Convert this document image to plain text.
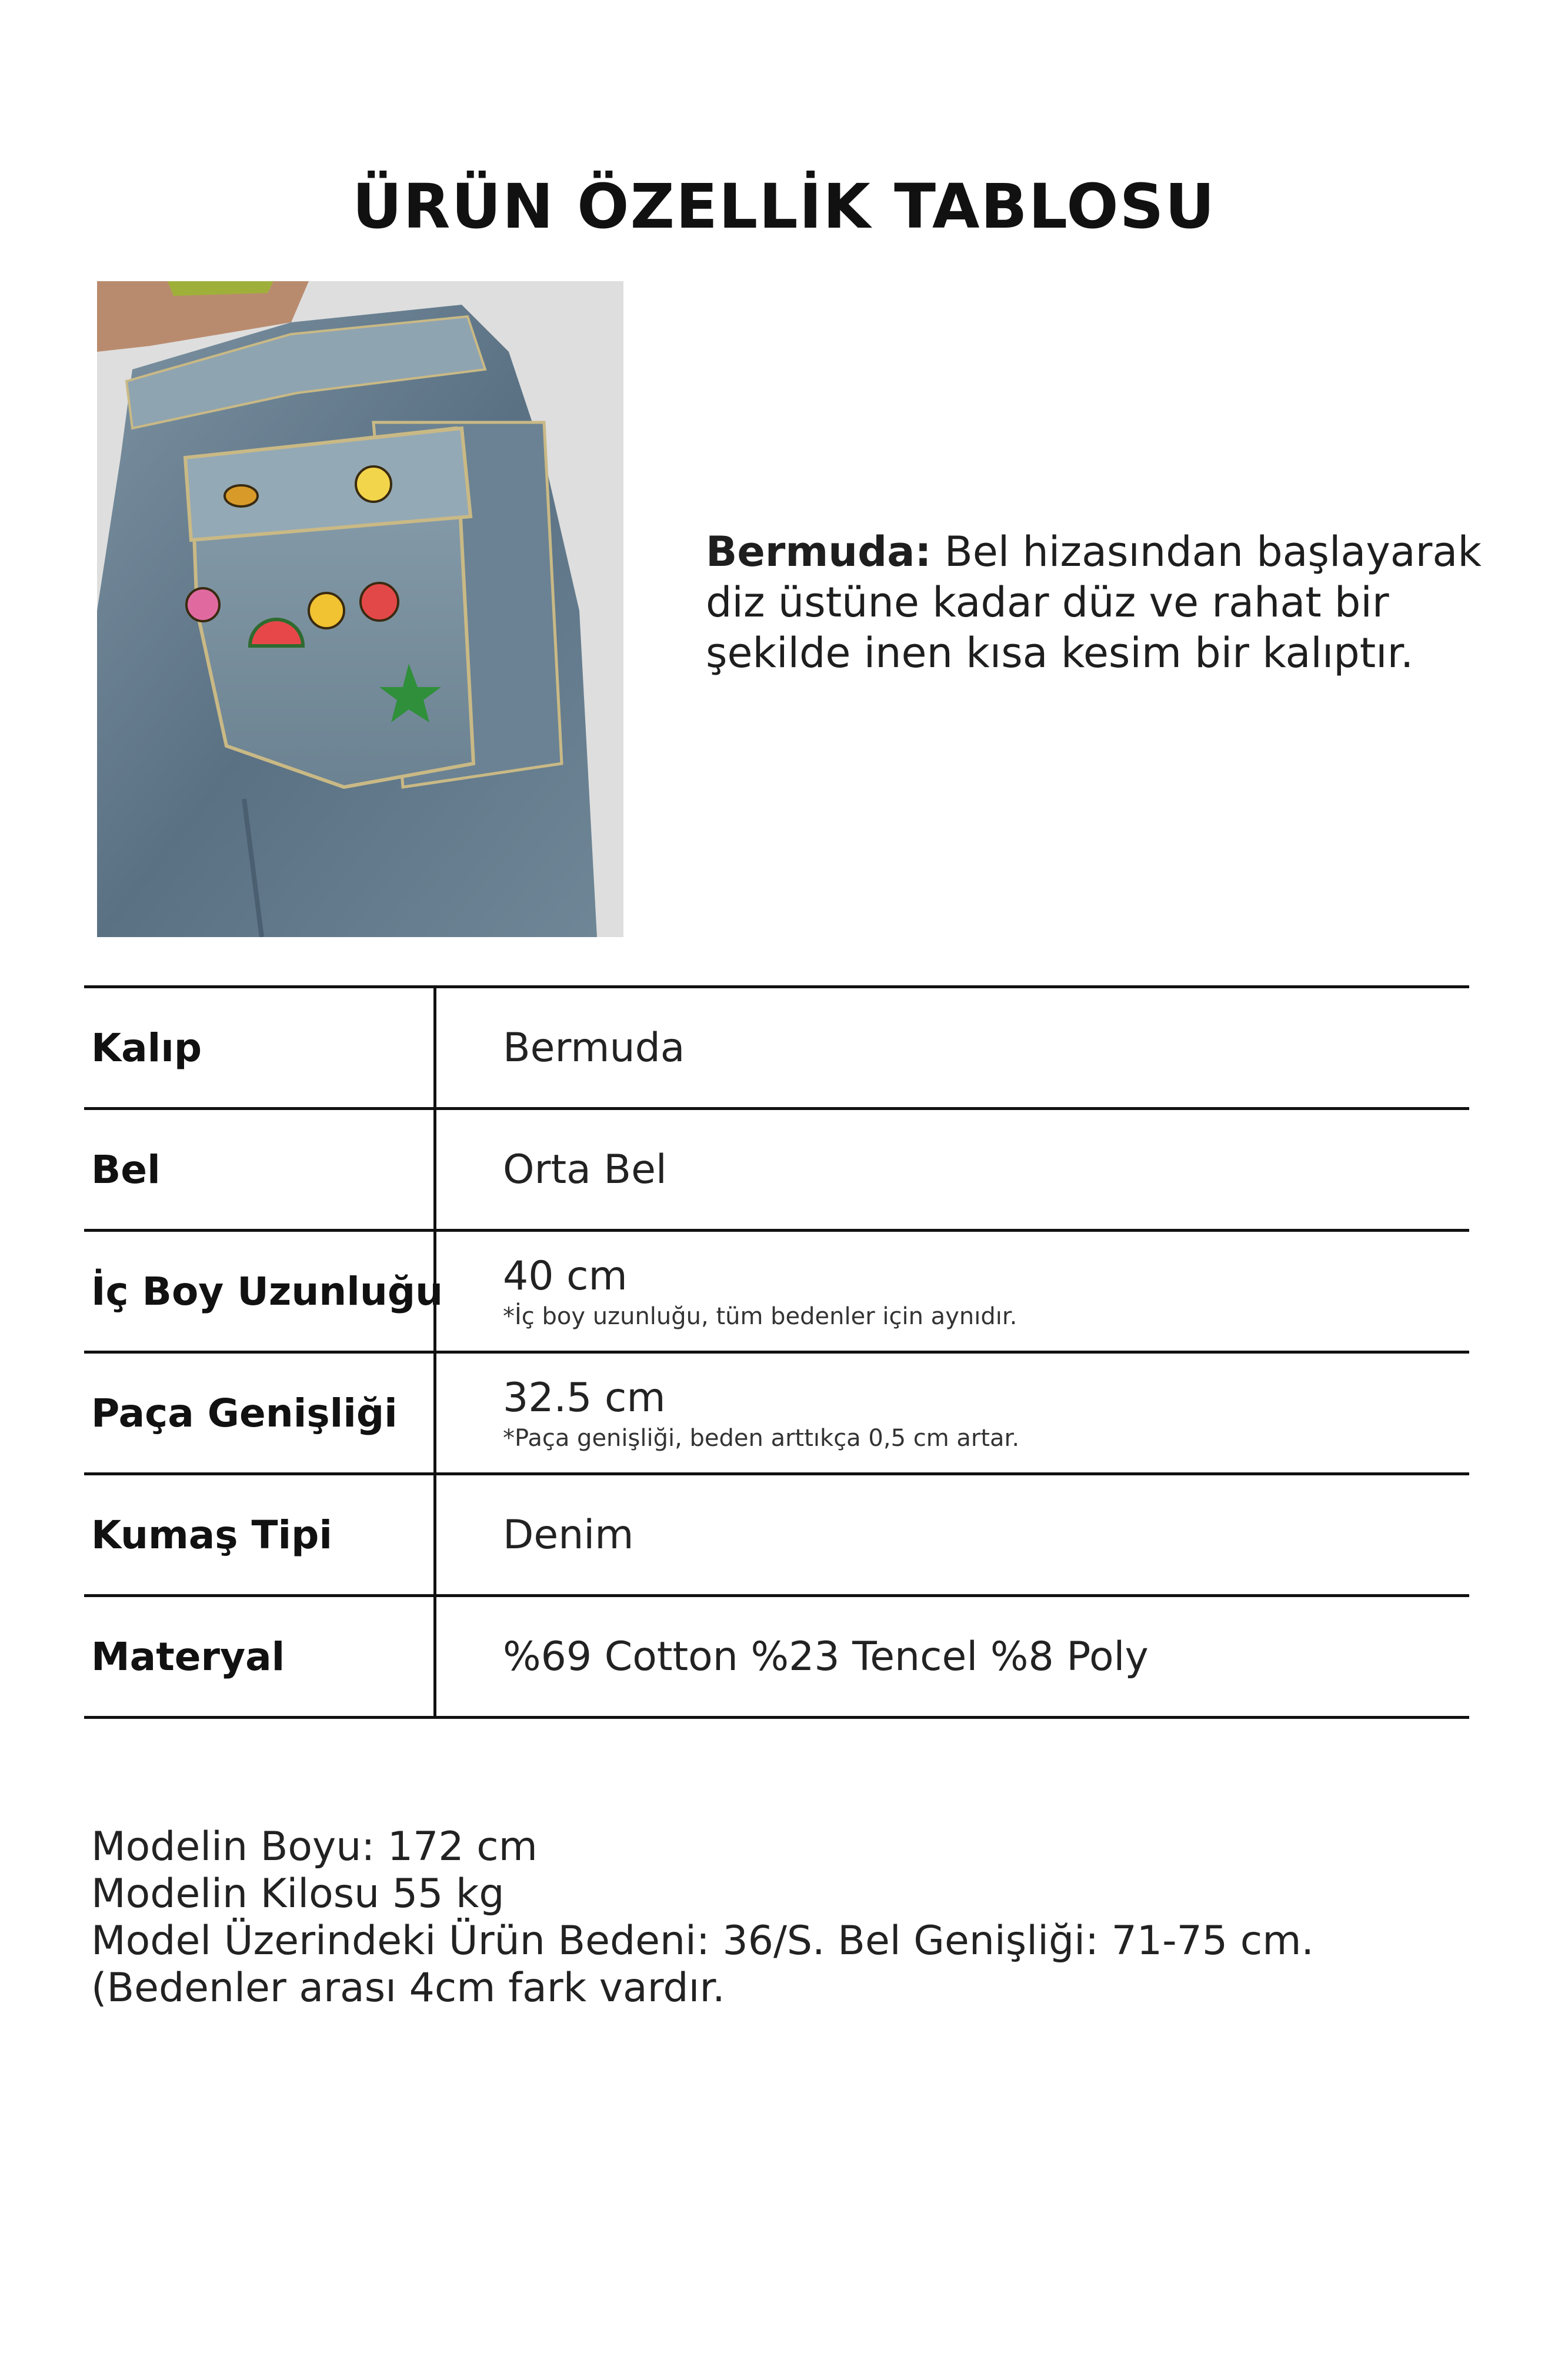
ÜRÜN ÖZELLİK TABLOSU
Bermuda: Bel hizasından başlayarak diz üstüne kadar düz ve rahat bir şekilde inen kısa kesim bir kalıptır.
Kalıp	Bermuda
Bel	Orta Bel
İç Boy Uzunluğu 40 cm
*İç boy uzunluğu, tüm bedenler için aynıdır.
Paça Genişliği	32.5 cm
*Paça genişliği, beden arttıkça 0,5 cm artar.
Kumaş Tipi	Denim
Materyal	%69 Cotton %23 Tencel %8 Poly
Modelin Boyu: 172 cm
Modelin Kilosu 55 kg
Model Üzerindeki Ürün Bedeni: 36/S. Bel Genişliği: 71-75 cm. (Bedenler arası 4cm fark vardır.
